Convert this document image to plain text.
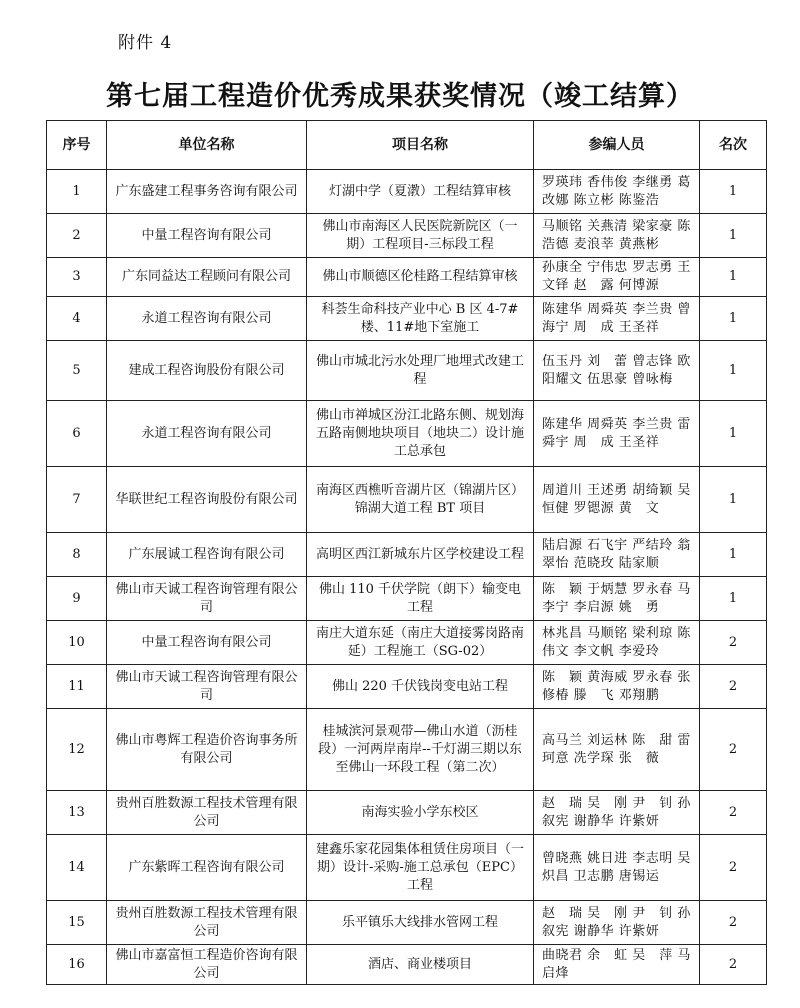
附件 4
第七届工程造价优秀成果获奖情况（竣工结算）
序号	单位名称	项目名称	参编人员	名次
1	广东盛建工程事务咨询有限公司	灯湖中学（夏漖）工程结算审核	罗瑛玮 香伟俊 李继勇 葛改娜 陈立彬 陈鉴浩	1
2	中量工程咨询有限公司	佛山市南海区人民医院新院区（一期）工程项目-三标段工程	马顺铭 关燕清 梁家豪 陈浩德 麦浪莘 黄燕彬	1
3	广东同益达工程顾问有限公司	佛山市顺德区伦桂路工程结算审核	孙康全 宁伟忠 罗志勇 王文铎 赵　露 何博源	1
4	永道工程咨询有限公司	科荟生命科技产业中心 B 区 4-7#楼、11#地下室施工	陈建华 周舜英 李兰贵 曾海宁 周　成 王圣祥	1
5	建成工程咨询股份有限公司	佛山市城北污水处理厂地埋式改建工程	伍玉丹 刘　蕾 曾志锋 欧阳耀文 伍思豪 曾咏梅	1
6	永道工程咨询有限公司	佛山市禅城区汾江北路东侧、规划海五路南侧地块项目（地块二）设计施工总承包	陈建华 周舜英 李兰贵 雷舜宇 周　成 王圣祥	1
7	华联世纪工程咨询股份有限公司	南海区西樵听音湖片区（锦湖片区）锦湖大道工程 BT 项目	周道川 王述勇 胡绮颖 吴恒健 罗锶源 黄　文	1
8	广东展诚工程咨询有限公司	高明区西江新城东片区学校建设工程	陆启源 石飞宇 严结玲 翁翠怡 范晓玫 陆家顺	1
9	佛山市天诚工程咨询管理有限公司	佛山 110 千伏学院（朗下）输变电工程	陈　颖 于炳慧 罗永春 马李宁 李启源 姚　勇	1
10	中量工程咨询有限公司	南庄大道东延（南庄大道接雾岗路南延）工程施工（SG-02）	林兆昌 马顺铭 梁利琼 陈伟文 李文帆 李爱玲	2
11	佛山市天诚工程咨询管理有限公司	佛山 220 千伏钱岗变电站工程	陈　颖 黄海威 罗永春 张修椿 滕　飞 邓翔鹏	2
12	佛山市粤辉工程造价咨询事务所有限公司	桂城滨河景观带—佛山水道（沥桂段）一河两岸南岸--千灯湖三期以东至佛山一环段工程（第二次）	高马兰 刘运林 陈　甜 雷珂意 冼学琛 张　薇	2
13	贵州百胜数源工程技术管理有限公司	南海实验小学东校区	赵　瑞 吴　刚 尹　钊 孙叙宪 谢静华 许紫妍	2
14	广东紫晖工程咨询有限公司	建鑫乐家花园集体租赁住房项目（一期）设计-采购-施工总承包（EPC）工程	曾晓燕 姚日进 李志明 吴炽昌 卫志鹏 唐锡运	2
15	贵州百胜数源工程技术管理有限公司	乐平镇乐大线排水管网工程	赵　瑞 吴　刚 尹　钊 孙叙宪 谢静华 许紫妍	2
16	佛山市嘉富恒工程造价咨询有限公司	酒店、商业楼项目	曲晓君 余　虹 吴　萍 马启烽	2
